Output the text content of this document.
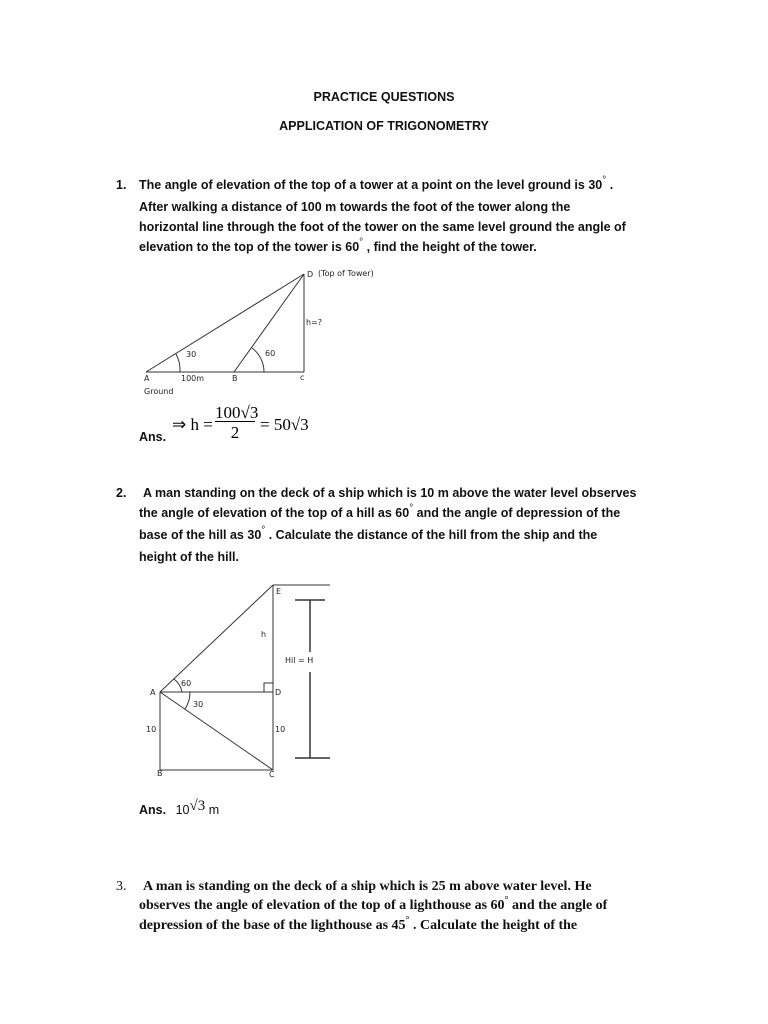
PRACTICE QUESTIONS
APPLICATION OF TRIGONOMETRY
1. The angle of elevation of the top of a tower at a point on the level ground is 30° .
After walking a distance of 100 m towards the foot of the tower along the
horizontal line through the foot of the tower on the same level ground the angle of
elevation to the top of the tower is 60° , find the height of the tower.
D (Top of Tower)
h=?
30	60
A	100m	B	c
Ground
Ans.
⇒ h =
100√3
2	= 50√3
2.	A man standing on the deck of a ship which is 10 m above the water level observes
the angle of elevation of the top of a hill as 60° and the angle of depression of the
base of the hill as 30° . Calculate the distance of the hill from the ship and the
height of the hill.
E
h
Hil = H
A
60
30
D
10	10
B	C
Ans. 10√3 m
3. A man is standing on the deck of a ship which is 25 m above water level. He
observes the angle of elevation of the top of a lighthouse as 60° and the angle of
depression of the base of the lighthouse as 45° . Calculate the height of the
